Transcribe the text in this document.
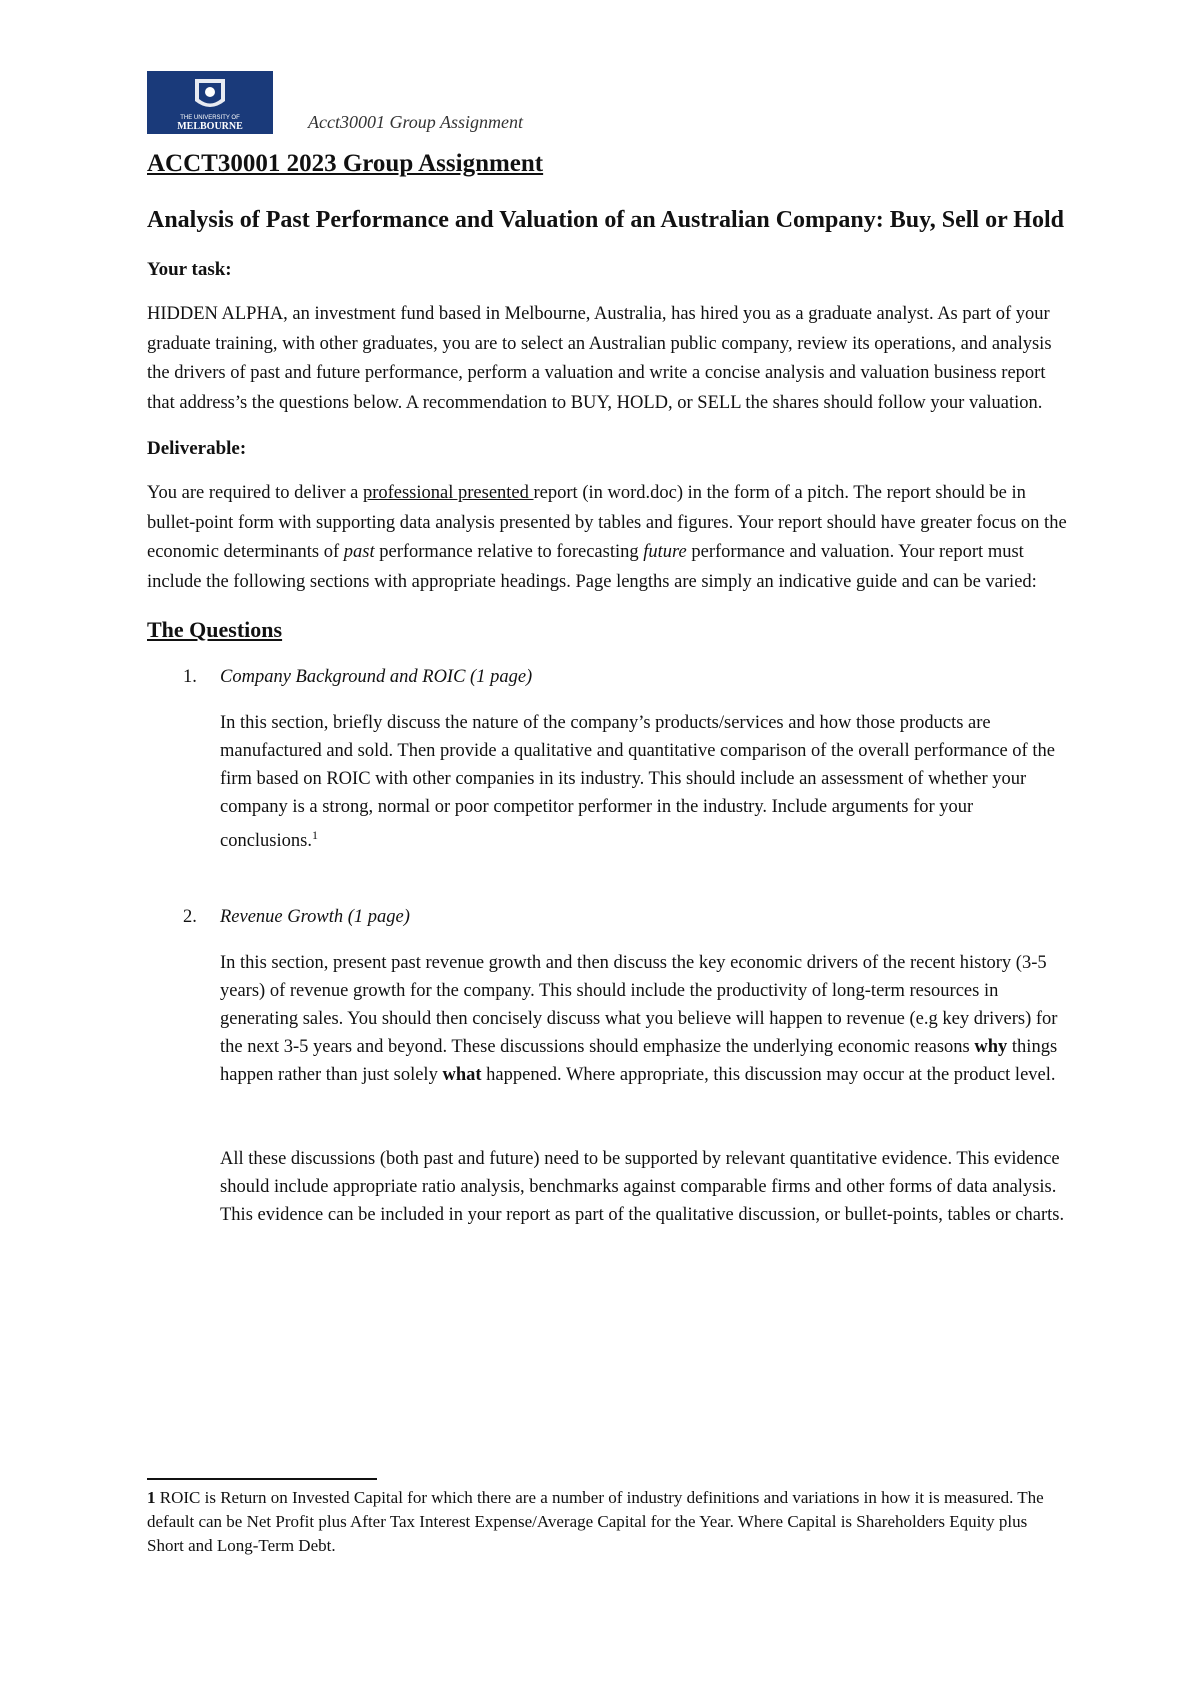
THE UNIVERSITY OF
MELBOURNE	Acct30001 Group Assignment
ACCT30001 2023 Group Assignment
Analysis of Past Performance and Valuation of an Australian Company: Buy, Sell or Hold
Your task:

HIDDEN ALPHA, an investment fund based in Melbourne, Australia, has hired you as a graduate analyst. As part of your graduate training, with other graduates, you are to select an Australian public company, review its operations, and analysis the drivers of past and future performance, perform a valuation and write a concise analysis and valuation business report that address’s the questions below. A recommendation to BUY, HOLD, or SELL the shares should follow your valuation.

Deliverable:

You are required to deliver a professional presented report (in word.doc) in the form of a pitch. The report should be in bullet-point form with supporting data analysis presented by tables and figures. Your report should have greater focus on the economic determinants of past performance relative to forecasting future performance and valuation. Your report must include the following sections with appropriate headings. Page lengths are simply an indicative guide and can be varied:

The Questions
1. Company Background and ROIC (1 page)
In this section, briefly discuss the nature of the company’s products/services and how those products are manufactured and sold. Then provide a qualitative and quantitative comparison of the overall performance of the firm based on ROIC with other companies in its industry. This should include an assessment of whether your company is a strong, normal or poor competitor performer in the industry. Include arguments for your conclusions.$^1$
2. Revenue Growth (1 page)
In this section, present past revenue growth and then discuss the key economic drivers of the recent history (3-5 years) of revenue growth for the company. This should include the productivity of long-term resources in generating sales. You should then concisely discuss what you believe will happen to revenue (e.g key drivers) for the next 3-5 years and beyond. These discussions should emphasize the underlying economic reasons why things happen rather than just solely what happened. Where appropriate, this discussion may occur at the product level.
All these discussions (both past and future) need to be supported by relevant quantitative evidence. This evidence should include appropriate ratio analysis, benchmarks against comparable firms and other forms of data analysis. This evidence can be included in your report as part of the qualitative discussion, or bullet-points, tables or charts.
1 ROIC is Return on Invested Capital for which there are a number of industry definitions and variations in how it is measured. The default can be Net Profit plus After Tax Interest Expense/Average Capital for the Year. Where Capital is Shareholders Equity plus Short and Long-Term Debt.
